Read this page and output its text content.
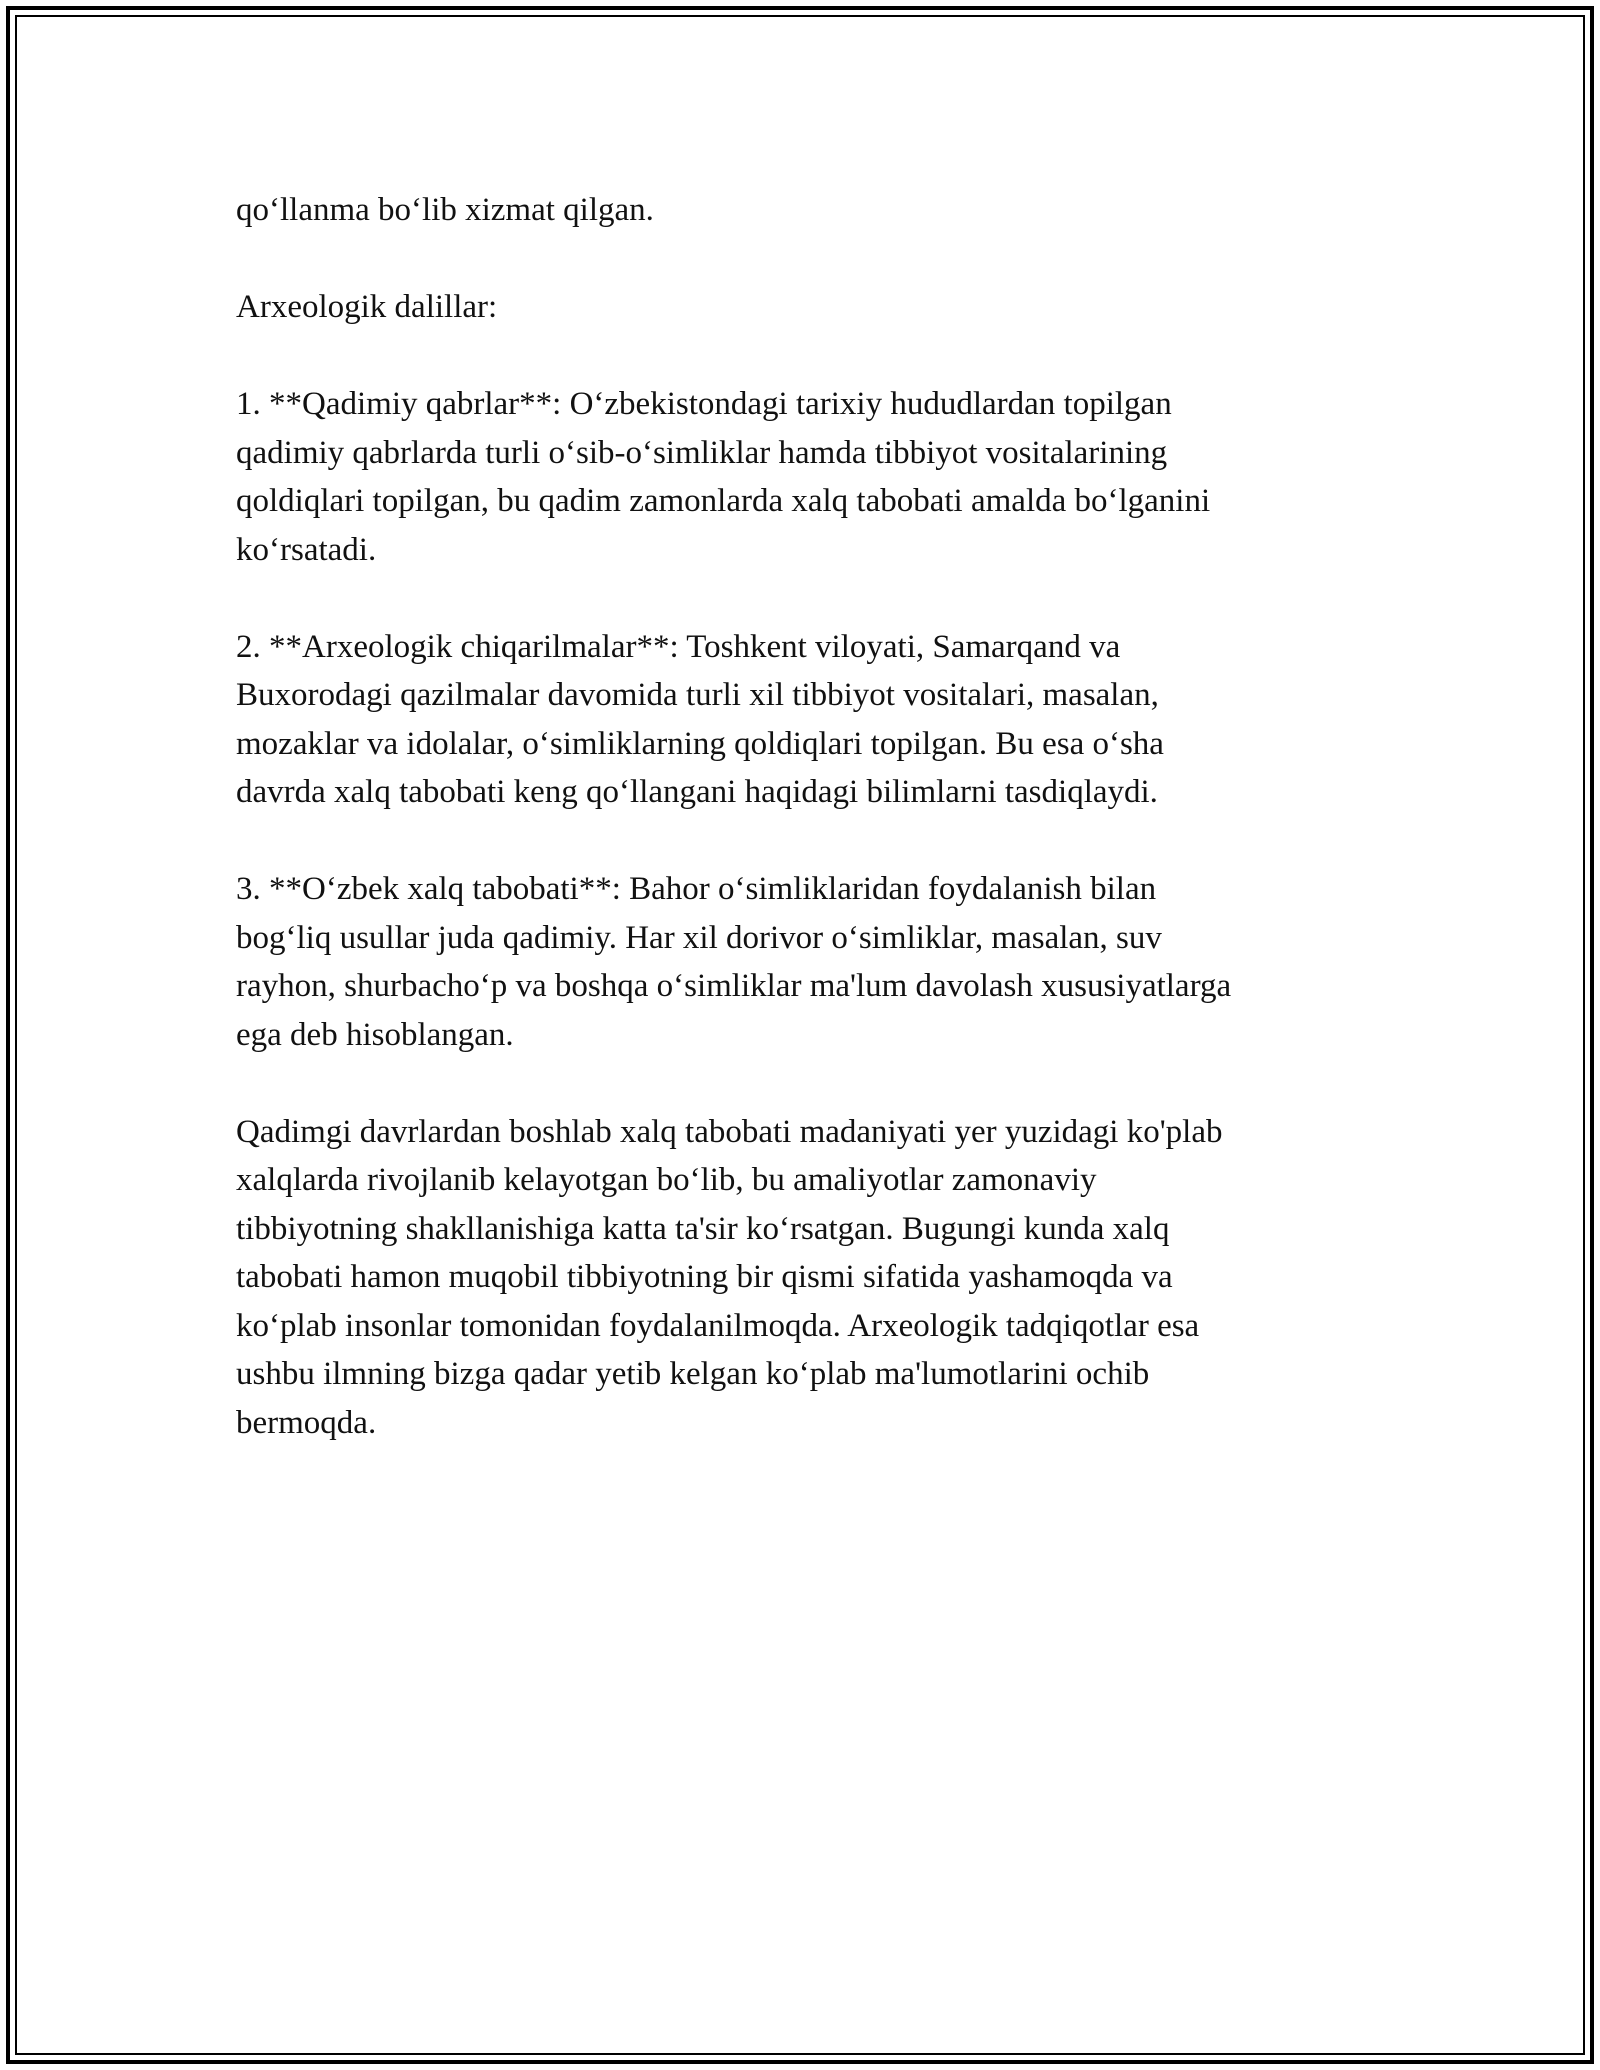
qo‘llanma bo‘lib xizmat qilgan.

Arxeologik dalillar:

1. **Qadimiy qabrlar**: O‘zbekistondagi tarixiy hududlardan topilgan
qadimiy qabrlarda turli o‘sib-o‘simliklar hamda tibbiyot vositalarining
qoldiqlari topilgan, bu qadim zamonlarda xalq tabobati amalda bo‘lganini
ko‘rsatadi.

2. **Arxeologik chiqarilmalar**: Toshkent viloyati, Samarqand va
Buxorodagi qazilmalar davomida turli xil tibbiyot vositalari, masalan,
mozaklar va idolalar, o‘simliklarning qoldiqlari topilgan. Bu esa o‘sha
davrda xalq tabobati keng qo‘llangani haqidagi bilimlarni tasdiqlaydi.

3. **O‘zbek xalq tabobati**: Bahor o‘simliklaridan foydalanish bilan
bog‘liq usullar juda qadimiy. Har xil dorivor o‘simliklar, masalan, suv
rayhon, shurbacho‘p va boshqa o‘simliklar ma'lum davolash xususiyatlarga
ega deb hisoblangan.

Qadimgi davrlardan boshlab xalq tabobati madaniyati yer yuzidagi ko'plab
xalqlarda rivojlanib kelayotgan bo‘lib, bu amaliyotlar zamonaviy
tibbiyotning shakllanishiga katta ta'sir ko‘rsatgan. Bugungi kunda xalq
tabobati hamon muqobil tibbiyotning bir qismi sifatida yashamoqda va
ko‘plab insonlar tomonidan foydalanilmoqda. Arxeologik tadqiqotlar esa
ushbu ilmning bizga qadar yetib kelgan ko‘plab ma'lumotlarini ochib
bermoqda.
